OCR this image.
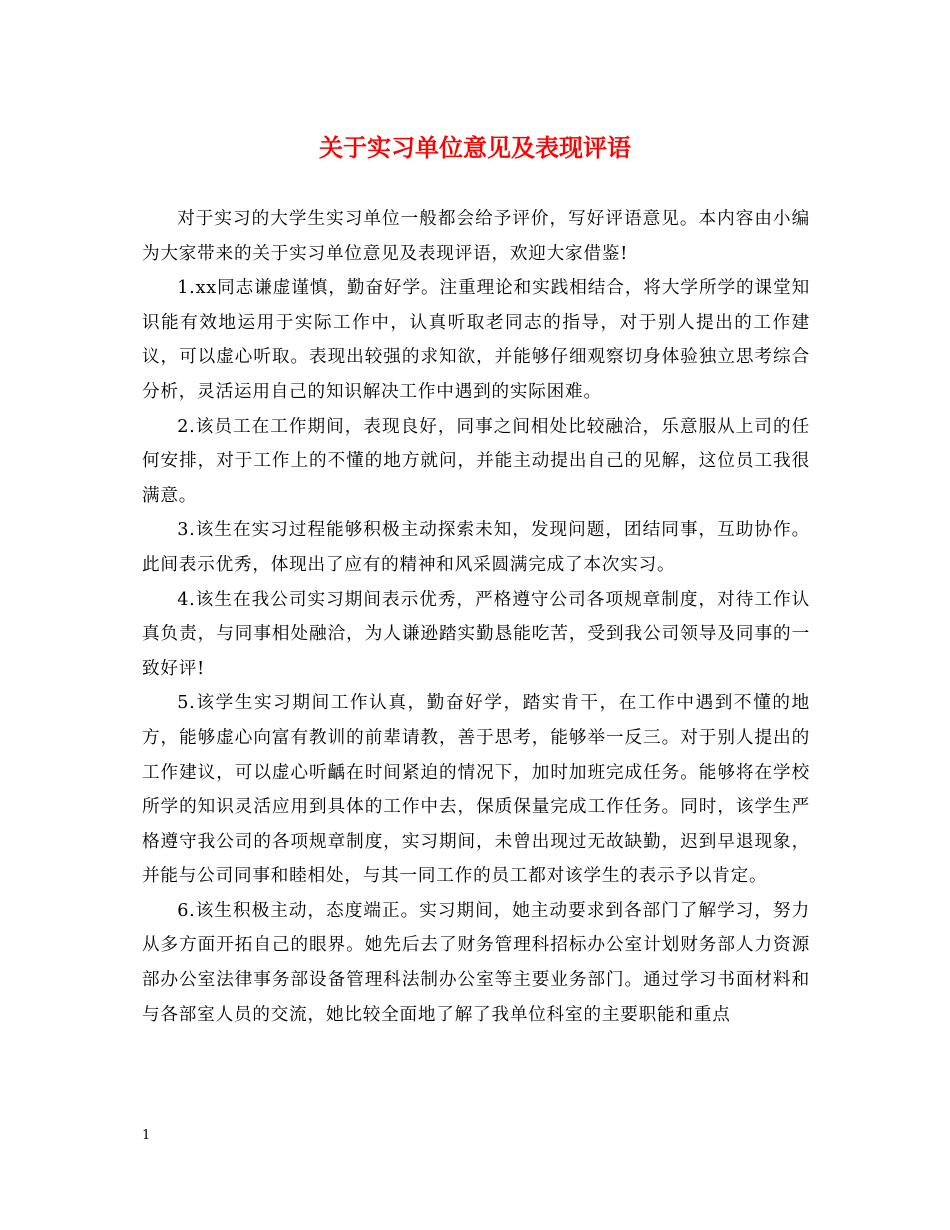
关于实习单位意见及表现评语

对于实习的大学生实习单位一般都会给予评价，写好评语意见。本内容由小编为大家带来的关于实习单位意见及表现评语，欢迎大家借鉴!

1.xx同志谦虚谨慎，勤奋好学。注重理论和实践相结合，将大学所学的课堂知识能有效地运用于实际工作中，认真听取老同志的指导，对于别人提出的工作建议，可以虚心听取。表现出较强的求知欲，并能够仔细观察切身体验独立思考综合分析，灵活运用自己的知识解决工作中遇到的实际困难。

2.该员工在工作期间，表现良好，同事之间相处比较融洽，乐意服从上司的任何安排，对于工作上的不懂的地方就问，并能主动提出自己的见解，这位员工我很满意。

3.该生在实习过程能够积极主动探索未知，发现问题，团结同事，互助协作。此间表示优秀，体现出了应有的精神和风采圆满完成了本次实习。

4.该生在我公司实习期间表示优秀，严格遵守公司各项规章制度，对待工作认真负责，与同事相处融洽，为人谦逊踏实勤恳能吃苦，受到我公司领导及同事的一致好评!

5.该学生实习期间工作认真，勤奋好学，踏实肯干，在工作中遇到不懂的地方，能够虚心向富有教训的前辈请教，善于思考，能够举一反三。对于别人提出的工作建议，可以虚心听齲在时间紧迫的情况下，加时加班完成任务。能够将在学校所学的知识灵活应用到具体的工作中去，保质保量完成工作任务。同时，该学生严格遵守我公司的各项规章制度，实习期间，未曾出现过无故缺勤，迟到早退现象，并能与公司同事和睦相处，与其一同工作的员工都对该学生的表示予以肯定。

6.该生积极主动，态度端正。实习期间，她主动要求到各部门了解学习，努力从多方面开拓自己的眼界。她先后去了财务管理科招标办公室计划财务部人力资源部办公室法律事务部设备管理科法制办公室等主要业务部门。通过学习书面材料和与各部室人员的交流，她比较全面地了解了我单位科室的主要职能和重点

1
